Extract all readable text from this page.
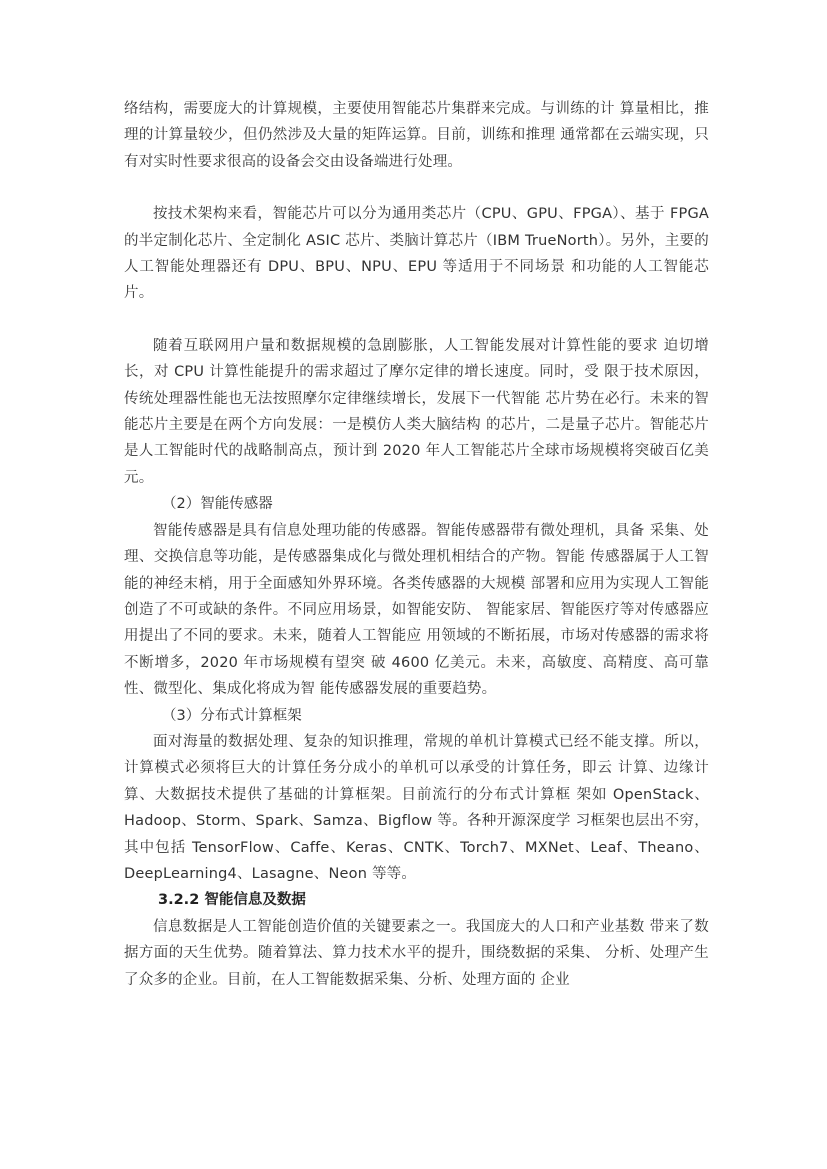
络结构，需要庞大的计算规模，主要使用智能芯片集群来完成。与训练的计 算量相比，推理的计算量较少，但仍然涉及大量的矩阵运算。目前，训练和推理 通常都在云端实现，只有对实时性要求很高的设备会交由设备端进行处理。

按技术架构来看，智能芯片可以分为通用类芯片（CPU、GPU、FPGA）、基于 FPGA 的半定制化芯片、全定制化 ASIC 芯片、类脑计算芯片（IBM TrueNorth）。另外，主要的人工智能处理器还有 DPU、BPU、NPU、EPU 等适用于不同场景 和功能的人工智能芯片。

随着互联网用户量和数据规模的急剧膨胀，人工智能发展对计算性能的要求 迫切增长，对 CPU 计算性能提升的需求超过了摩尔定律的增长速度。同时，受 限于技术原因，传统处理器性能也无法按照摩尔定律继续增长，发展下一代智能 芯片势在必行。未来的智能芯片主要是在两个方向发展：一是模仿人类大脑结构 的芯片，二是量子芯片。智能芯片是人工智能时代的战略制高点，预计到 2020 年人工智能芯片全球市场规模将突破百亿美元。

（2）智能传感器

智能传感器是具有信息处理功能的传感器。智能传感器带有微处理机，具备 采集、处理、交换信息等功能，是传感器集成化与微处理机相结合的产物。智能 传感器属于人工智能的神经末梢，用于全面感知外界环境。各类传感器的大规模 部署和应用为实现人工智能创造了不可或缺的条件。不同应用场景，如智能安防、 智能家居、智能医疗等对传感器应用提出了不同的要求。未来，随着人工智能应 用领域的不断拓展，市场对传感器的需求将不断增多，2020 年市场规模有望突 破 4600 亿美元。未来，高敏度、高精度、高可靠性、微型化、集成化将成为智 能传感器发展的重要趋势。

（3）分布式计算框架

面对海量的数据处理、复杂的知识推理，常规的单机计算模式已经不能支撑。所以，计算模式必须将巨大的计算任务分成小的单机可以承受的计算任务，即云 计算、边缘计算、大数据技术提供了基础的计算框架。目前流行的分布式计算框 架如 OpenStack、Hadoop、Storm、Spark、Samza、Bigflow 等。各种开源深度学 习框架也层出不穷，其中包括 TensorFlow、Caffe、Keras、CNTK、Torch7、MXNet、Leaf、Theano、DeepLearning4、Lasagne、Neon 等等。

3.2.2 智能信息及数据

信息数据是人工智能创造价值的关键要素之一。我国庞大的人口和产业基数 带来了数据方面的天生优势。随着算法、算力技术水平的提升，围绕数据的采集、 分析、处理产生了众多的企业。目前，在人工智能数据采集、分析、处理方面的 企业
